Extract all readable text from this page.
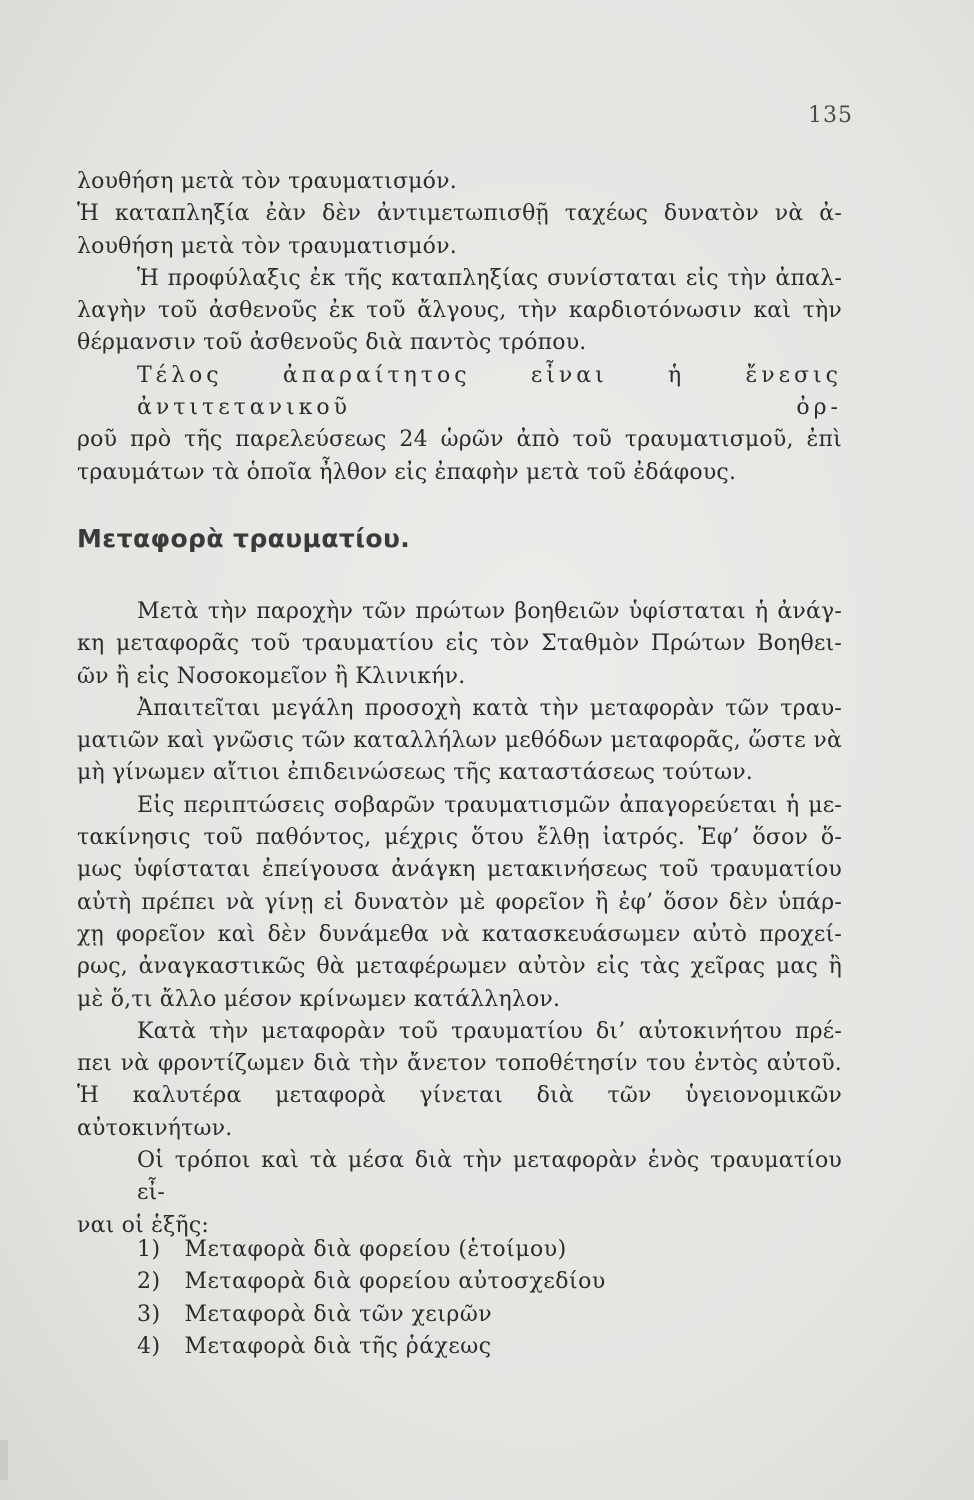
135
λουθήση μετὰ τὸν τραυματισμόν.
Ἡ καταπληξία ἐὰν δὲν ἀντιμετωπισθῇ ταχέως δυνατὸν νὰ ἀ-
λουθήση μετὰ τὸν τραυματισμόν.
Ἡ προφύλαξις ἐκ τῆς καταπληξίας συνίσταται εἰς τὴν ἀπαλ-
λαγὴν τοῦ ἀσθενοῦς ἐκ τοῦ ἄλγους, τὴν καρδιοτόνωσιν καὶ τὴν
θέρμανσιν τοῦ ἀσθενοῦς διὰ παντὸς τρόπου.
Τέλος ἀπαραίτητος εἶναι ἡ ἔνεσις ἀντιτετανικοῦ ὀρ-
ροῦ πρὸ τῆς παρελεύσεως 24 ὡρῶν ἀπὸ τοῦ τραυματισμοῦ, ἐπὶ
τραυμάτων τὰ ὁποῖα ἦλθον εἰς ἐπαφὴν μετὰ τοῦ ἐδάφους.
Μεταφορὰ τραυματίου.
Μετὰ τὴν παροχὴν τῶν πρώτων βοηθειῶν ὑφίσταται ἡ ἀνάγ-
κη μεταφορᾶς τοῦ τραυματίου εἰς τὸν Σταθμὸν Πρώτων Βοηθει-
ῶν ἢ εἰς Νοσοκομεῖον ἢ Κλινικήν.
Ἀπαιτεῖται μεγάλη προσοχὴ κατὰ τὴν μεταφορὰν τῶν τραυ-
ματιῶν καὶ γνῶσις τῶν καταλλήλων μεθόδων μεταφορᾶς, ὥστε νὰ
μὴ γίνωμεν αἴτιοι ἐπιδεινώσεως τῆς καταστάσεως τούτων.
Εἰς περιπτώσεις σοβαρῶν τραυματισμῶν ἀπαγορεύεται ἡ με-
τακίνησις τοῦ παθόντος, μέχρις ὅτου ἔλθῃ ἰατρός. Ἐφ’ ὅσον ὅ-
μως ὑφίσταται ἐπείγουσα ἀνάγκη μετακινήσεως τοῦ τραυματίου
αὐτὴ πρέπει νὰ γίνῃ εἰ δυνατὸν μὲ φορεῖον ἢ ἐφ’ ὅσον δὲν ὑπάρ-
χῃ φορεῖον καὶ δὲν δυνάμεθα νὰ κατασκευάσωμεν αὐτὸ προχεί-
ρως, ἀναγκαστικῶς θὰ μεταφέρωμεν αὐτὸν εἰς τὰς χεῖρας μας ἢ
μὲ ὅ,τι ἄλλο μέσον κρίνωμεν κατάλληλον.
Κατὰ τὴν μεταφορὰν τοῦ τραυματίου δι’ αὐτοκινήτου πρέ-
πει νὰ φροντίζωμεν διὰ τὴν ἄνετον τοποθέτησίν του ἐντὸς αὐτοῦ.
Ἡ καλυτέρα μεταφορὰ γίνεται διὰ τῶν ὑγειονομικῶν αὐτοκινήτων.
Οἱ τρόποι καὶ τὰ μέσα διὰ τὴν μεταφορὰν ἑνὸς τραυματίου εἶ-
ναι οἱ ἑξῆς:
1) Μεταφορὰ διὰ φορείου (ἑτοίμου)
2) Μεταφορὰ διὰ φορείου αὐτοσχεδίου
3) Μεταφορὰ διὰ τῶν χειρῶν
4) Μεταφορὰ διὰ τῆς ῥάχεως
